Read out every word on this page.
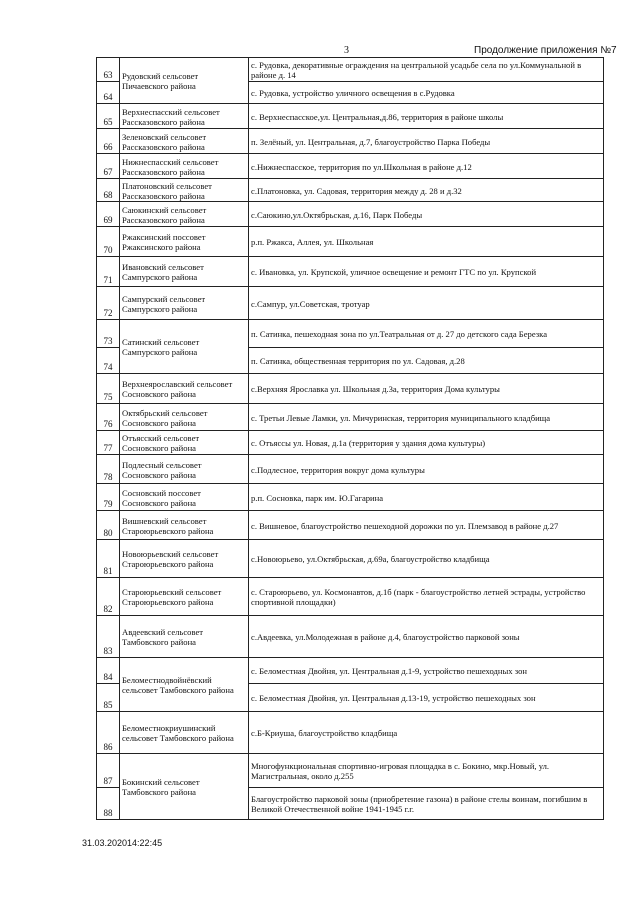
3	Продолжение приложения №7
63	Рудовский сельсовет Пичаевского района	с. Рудовка, декоративные ограждения на центральной усадьбе села по ул.Коммунальной в районе д. 14
64		с. Рудовка, устройство уличного освещения в с.Рудовка
65	Верхнеспасский сельсовет Рассказовского района	с. Верхнеспасское,ул. Центральная,д.86, территория в районе школы
66	Зеленовский сельсовет Рассказовского района	п. Зелёный, ул. Центральная, д.7, благоустройство Парка Победы
67	Нижнеспасский сельсовет Рассказовского района	с.Нижнеспасское, территория по ул.Школьная в районе д.12
68	Платоновский сельсовет Рассказовского района	с.Платоновка, ул. Садовая, территория между д. 28 и д.32
69	Саюкинский сельсовет Рассказовского района	с.Саюкино,ул.Октябрьская, д.16, Парк Победы
70	Ржаксинский поссовет Ржаксинского района	р.п. Ржакса, Аллея, ул. Школьная
71	Ивановский сельсовет Сампурского района	с. Ивановка, ул. Крупской, уличное освещение и ремонт ГТС по ул. Крупской
72	Сампурский сельсовет Сампурского района	с.Сампур, ул.Советская, тротуар
73	Сатинский сельсовет Сампурского района	п. Сатинка, пешеходная зона по ул.Театральная от д. 27 до детского сада Березка
74		п. Сатинка, общественная территория по ул. Садовая, д.28
75	Верхнеярославский сельсовет Сосновского района	с.Верхняя Ярославка ул. Школьная д.3а, территория Дома культуры
76	Октябрьский сельсовет Сосновского района	с. Третьи Левые Ламки, ул. Мичуринская, территория муниципального кладбища
77	Отъясский сельсовет Сосновского района	с. Отъяссы ул. Новая, д.1а (территория у здания дома культуры)
78	Подлесный сельсовет Сосновского района	с.Подлесное, территория вокруг дома культуры
79	Сосновский поссовет Сосновского района	р.п. Сосновка, парк им. Ю.Гагарина
80	Вишневский сельсовет Староюрьевского района	с. Вишневое, благоустройство пешеходной дорожки по ул. Племзавод в районе д.27
81	Новоюрьевский сельсовет Староюрьевского района	с.Новоюрьево, ул.Октябрьская, д.69а, благоустройство кладбища
82	Староюрьевский сельсовет Староюрьевского района	с. Староюрьево, ул. Космонавтов, д.1б (парк - благоустройство летней эстрады, устройство спортивной площадки)
83	Авдеевский сельсовет Тамбовского района	с.Авдеевка, ул.Молодежная в районе д.4, благоустройство парковой зоны
84	Беломестнодвойнёвский сельсовет Тамбовского района	с. Беломестная Двойня, ул. Центральная д.1-9, устройство пешеходных зон
85		с. Беломестная Двойня, ул. Центральная д.13-19, устройство пешеходных зон
86	Беломестнокриушинский сельсовет Тамбовского района	с.Б-Криуша, благоустройство кладбища
87	Бокинский сельсовет Тамбовского района	Многофункциональная спортивно-игровая площадка в с. Бокино, мкр.Новый, ул. Магистральная, около д.255
88		Благоустройство парковой зоны (приобретение газона) в районе стелы воинам, погибшим в Великой Отечественной войне 1941-1945 г.г.
31.03.202014:22:45
